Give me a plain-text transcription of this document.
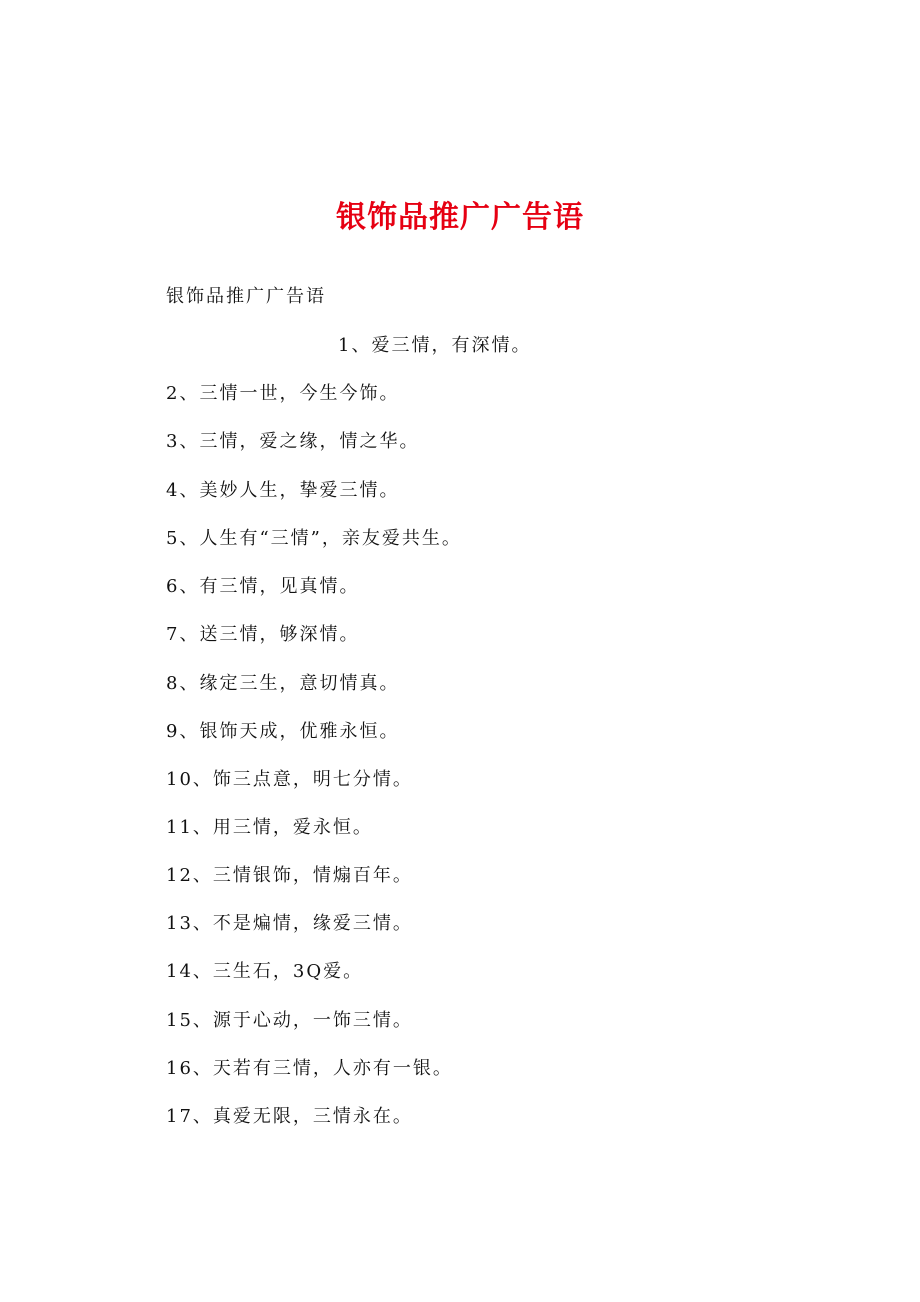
银饰品推广广告语
银饰品推广广告语
1、爱三情，有深情。
2、三情一世，今生今饰。
3、三情，爱之缘，情之华。
4、美妙人生，挚爱三情。
5、人生有“三情”，亲友爱共生。
6、有三情，见真情。
7、送三情，够深情。
8、缘定三生，意切情真。
9、银饰天成，优雅永恒。
10、饰三点意，明七分情。
11、用三情，爱永恒。
12、三情银饰，情煽百年。
13、不是煸情，缘爱三情。
14、三生石，3Q爱。
15、源于心动，一饰三情。
16、天若有三情，人亦有一银。
17、真爱无限，三情永在。
